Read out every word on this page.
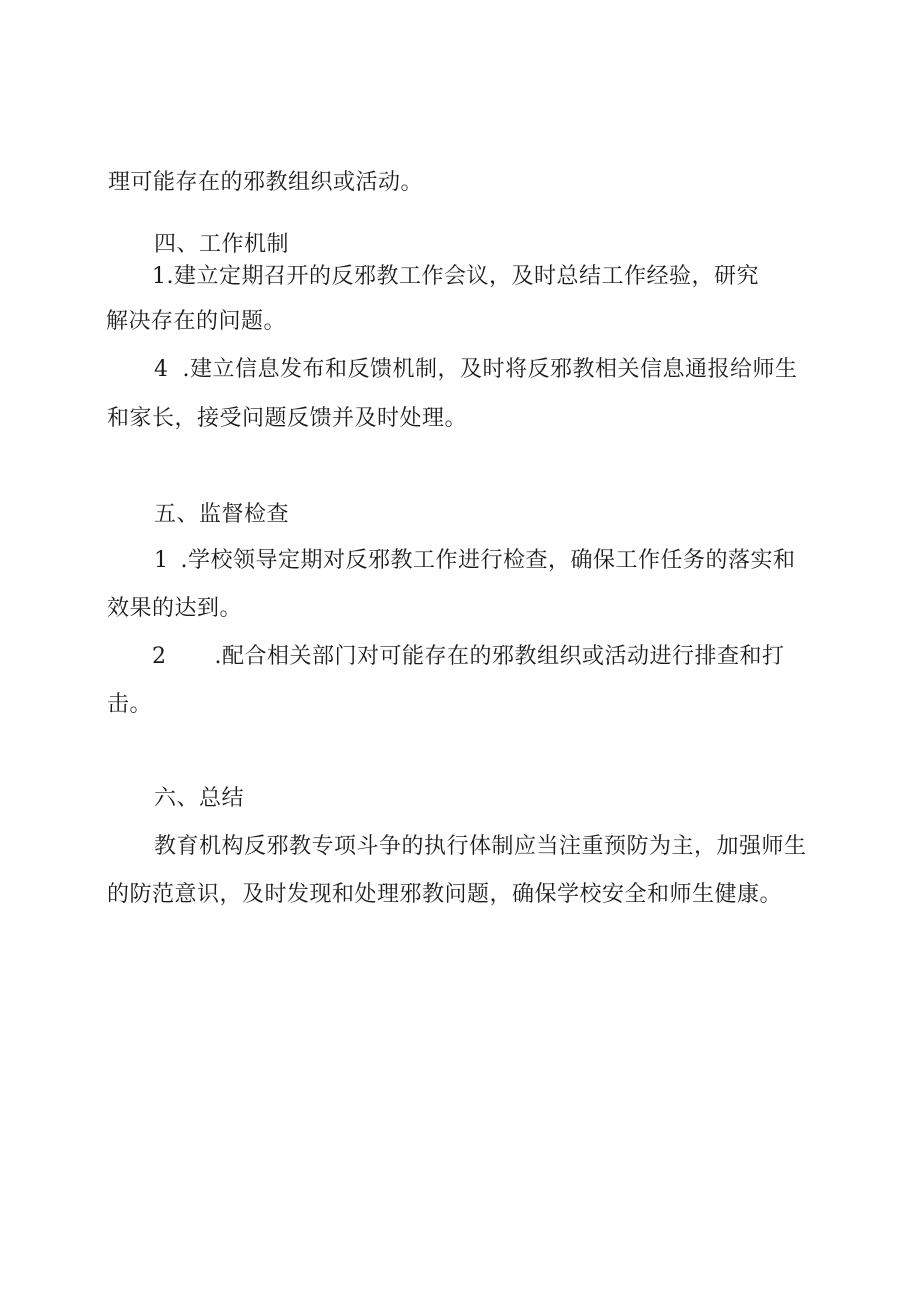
理可能存在的邪教组织或活动。
四、工作机制
1.建立定期召开的反邪教工作会议，及时总结工作经验，研究
解决存在的问题。
4 .建立信息发布和反馈机制，及时将反邪教相关信息通报给师生
和家长，接受问题反馈并及时处理。
五、监督检查
1 .学校领导定期对反邪教工作进行检查，确保工作任务的落实和
效果的达到。
2 .配合相关部门对可能存在的邪教组织或活动进行排查和打
击。
六、总结
教育机构反邪教专项斗争的执行体制应当注重预防为主，加强师生
的防范意识，及时发现和处理邪教问题，确保学校安全和师生健康。
